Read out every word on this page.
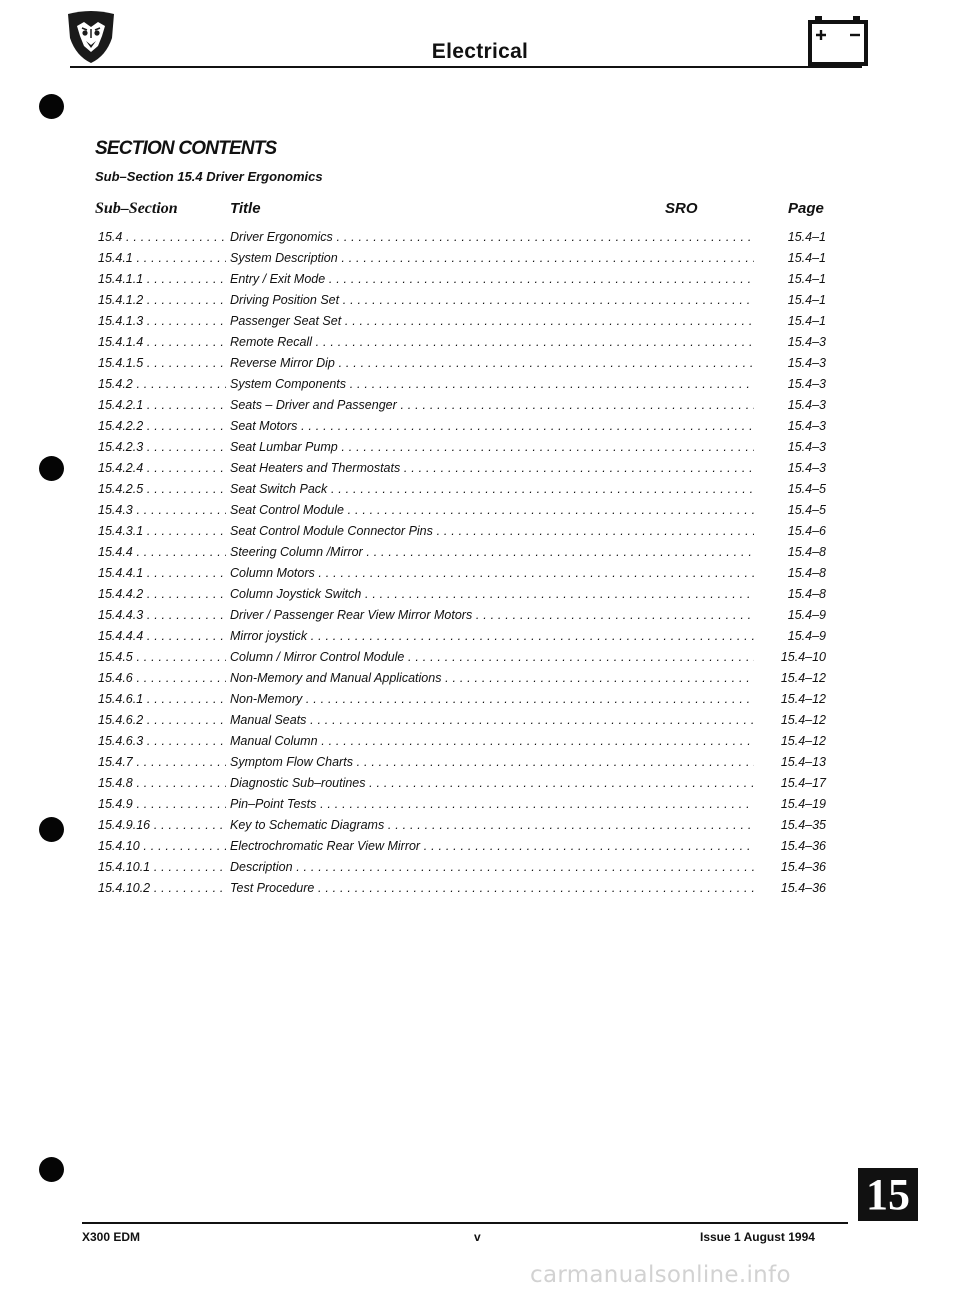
Electrical
SECTION CONTENTS
Sub–Section 15.4 Driver Ergonomics
Sub–Section	Title	SRO	Page
15.4 . . .	Driver Ergonomics . . .	15.4–1
15.4.1 . . .	System Description . . .	15.4–1
15.4.1.1 . . .	Entry / Exit Mode . . .	15.4–1
15.4.1.2 . . .	Driving Position Set . . .	15.4–1
15.4.1.3 . . .	Passenger Seat Set . . .	15.4–1
15.4.1.4 . . .	Remote Recall . . .	15.4–3
15.4.1.5 . . .	Reverse Mirror Dip . . .	15.4–3
15.4.2 . . .	System Components . . .	15.4–3
15.4.2.1 . . .	Seats – Driver and Passenger . . .	15.4–3
15.4.2.2 . . .	Seat Motors . . .	15.4–3
15.4.2.3 . . .	Seat Lumbar Pump . . .	15.4–3
15.4.2.4 . . .	Seat Heaters and Thermostats . . .	15.4–3
15.4.2.5 . . .	Seat Switch Pack . . .	15.4–5
15.4.3 . . .	Seat Control Module . . .	15.4–5
15.4.3.1 . . .	Seat Control Module Connector Pins . . .	15.4–6
15.4.4 . . .	Steering Column /Mirror . . .	15.4–8
15.4.4.1 . . .	Column Motors . . .	15.4–8
15.4.4.2 . . .	Column Joystick Switch . . .	15.4–8
15.4.4.3 . . .	Driver / Passenger Rear View Mirror Motors . . .	15.4–9
15.4.4.4 . . .	Mirror joystick . . .	15.4–9
15.4.5 . . .	Column / Mirror Control Module . . .	15.4–10
15.4.6 . . .	Non-Memory and Manual Applications . . .	15.4–12
15.4.6.1 . . .	Non-Memory . . .	15.4–12
15.4.6.2 . . .	Manual Seats . . .	15.4–12
15.4.6.3 . . .	Manual Column . . .	15.4–12
15.4.7 . . .	Symptom Flow Charts . . .	15.4–13
15.4.8 . . .	Diagnostic Sub–routines . . .	15.4–17
15.4.9 . . .	Pin–Point Tests . . .	15.4–19
15.4.9.16 . . .	Key to Schematic Diagrams . . .	15.4–35
15.4.10 . . .	Electrochromatic Rear View Mirror . . .	15.4–36
15.4.10.1 . . .	Description . . .	15.4–36
15.4.10.2 . . .	Test Procedure . . .	15.4–36
15
X300 EDM	v	Issue 1 August 1994
carmanualsonline.info
